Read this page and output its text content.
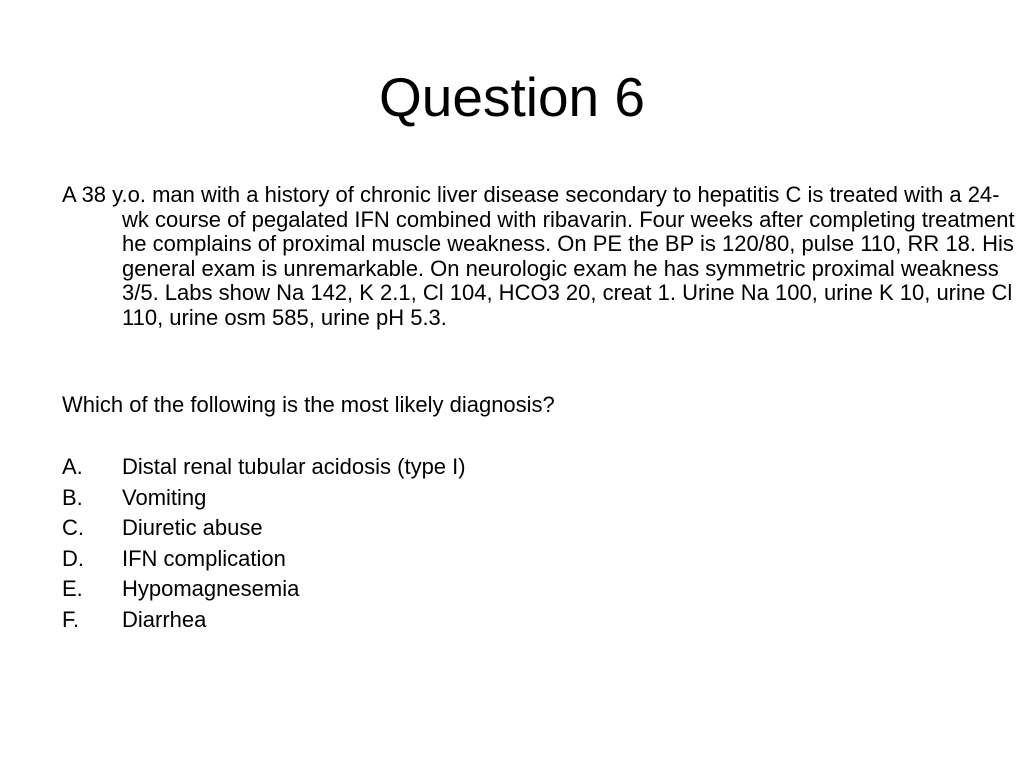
Question 6

A 38 y.o. man with a history of chronic liver disease secondary to hepatitis C is treated with a 24-wk course of pegalated IFN combined with ribavarin. Four weeks after completing treatment he complains of proximal muscle weakness. On PE the BP is 120/80, pulse 110, RR 18. His general exam is unremarkable. On neurologic exam he has symmetric proximal weakness 3/5. Labs show Na 142, K 2.1, Cl 104, HCO3 20, creat 1. Urine Na 100, urine K 10, urine Cl 110, urine osm 585, urine pH 5.3.

Which of the following is the most likely diagnosis?

A. Distal renal tubular acidosis (type I)
B. Vomiting
C. Diuretic abuse
D. IFN complication
E. Hypomagnesemia
F. Diarrhea
